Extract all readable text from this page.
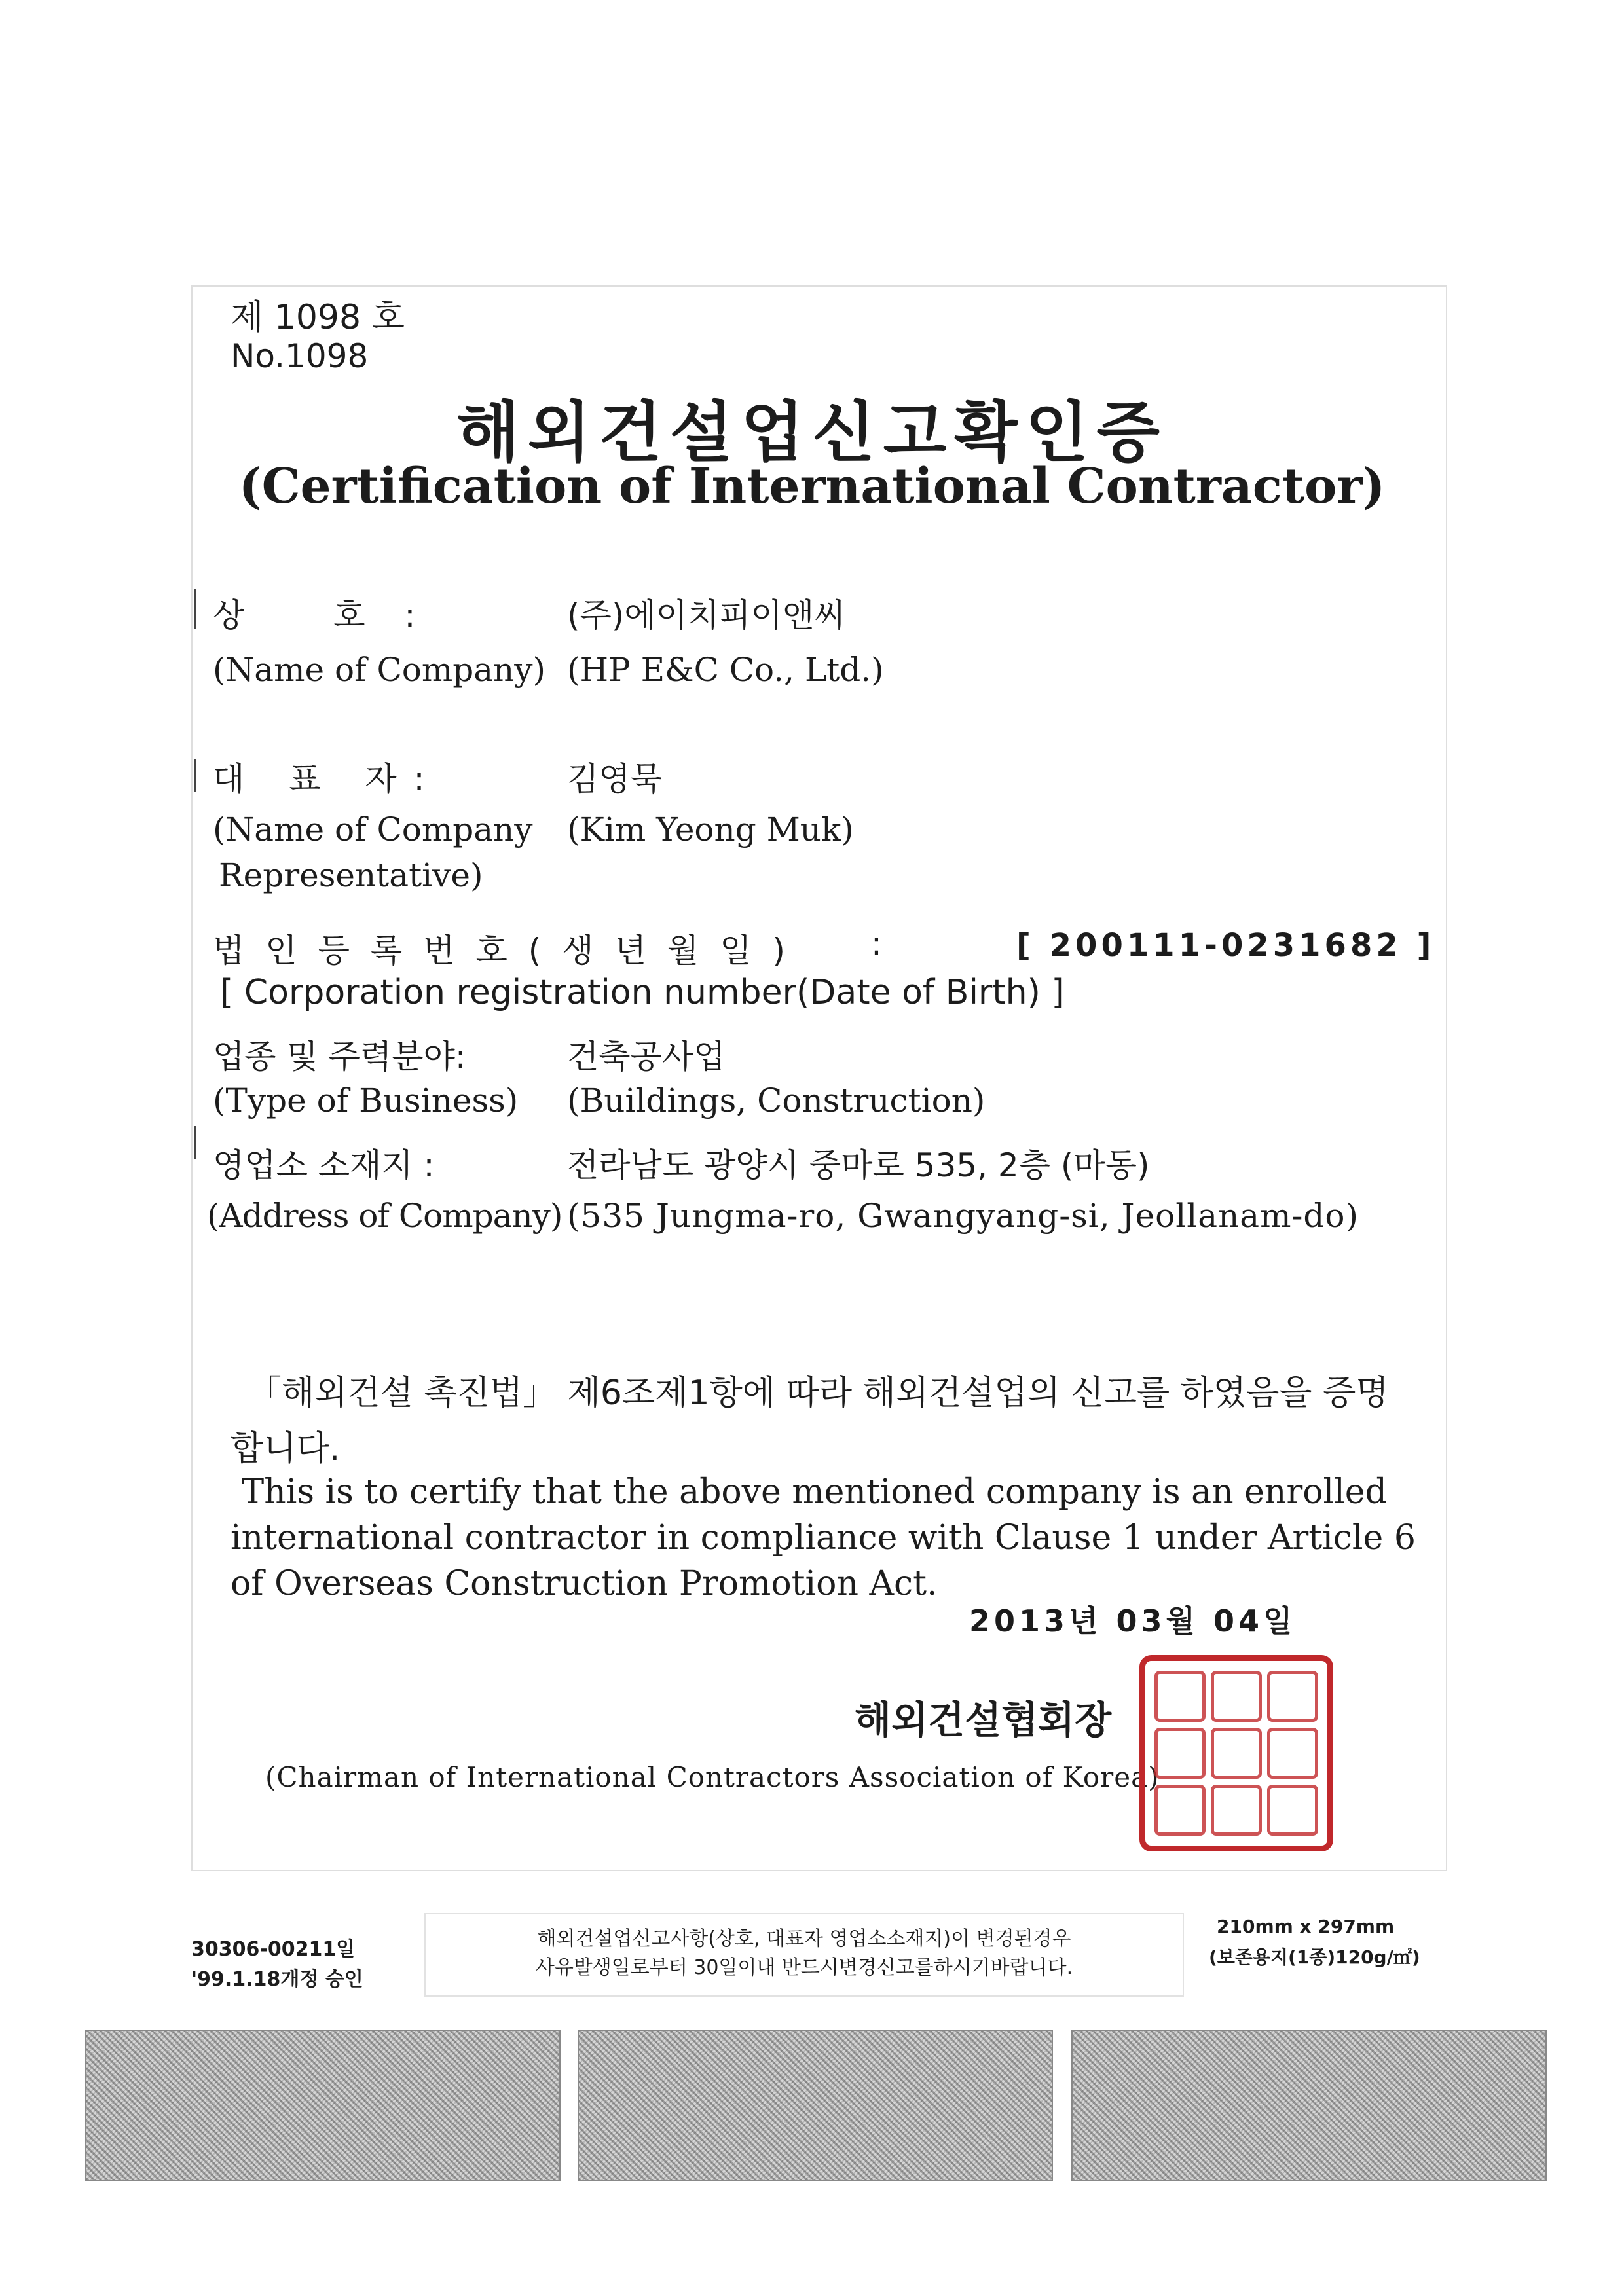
제 1098 호
No.1098
해외건설업신고확인증
(Certification of International Contractor)
상 호:
(Name of Company)
(주)에이치피이앤씨
(HP E&C Co., Ltd.)
대 표 자:
(Name of Company
Representative)
김영묵
(Kim Yeong Muk)
법인등록번호(생년월일) :	[ 200111-0231682 ]
[ Corporation registration number(Date of Birth) ]
업종 및 주력분야:
(Type of Business)
건축공사업
(Buildings, Construction)
영업소 소재지 :
(Address of Company)
전라남도 광양시 중마로 535, 2층 (마동)
(535 Jungma-ro, Gwangyang-si, Jeollanam-do)
「해외건설 촉진법」 제6조제1항에 따라 해외건설업의 신고를 하였음을 증명
합니다.
This is to certify that the above mentioned company is an enrolled
international contractor in compliance with Clause 1 under Article 6
of Overseas Construction Promotion Act.
2013년 03월 04일
해외건설협회장
(Chairman of International Contractors Association of Korea)
30306-00211일
'99.1.18개정 승인
해외건설업신고사항(상호, 대표자 영업소소재지)이 변경된경우
사유발생일로부터 30일이내 반드시변경신고를하시기바랍니다.
210mm x 297mm
(보존용지(1종)120g/㎡)
